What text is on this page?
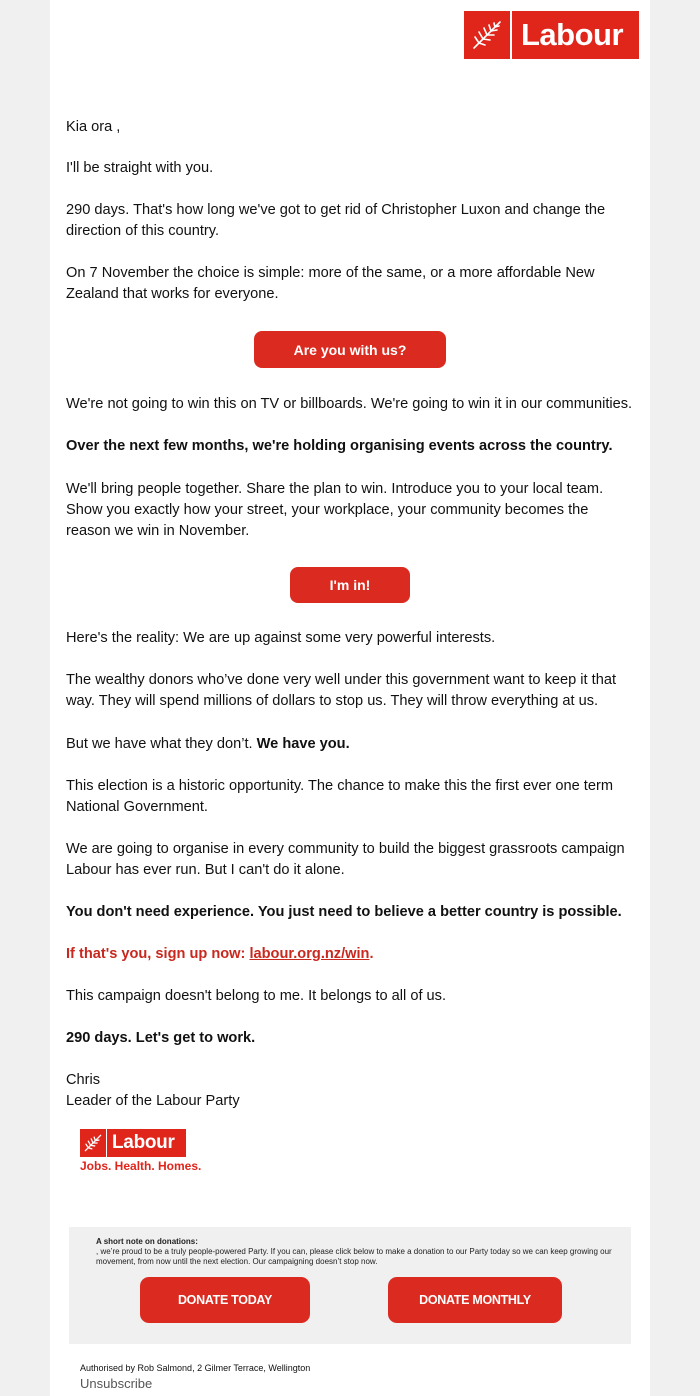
Labour

Kia ora ,

I'll be straight with you.

290 days. That's how long we've got to get rid of Christopher Luxon and change the direction of this country.

On 7 November the choice is simple: more of the same, or a more affordable New Zealand that works for everyone.

Are you with us?

We're not going to win this on TV or billboards. We're going to win it in our communities.

Over the next few months, we're holding organising events across the country.

We'll bring people together. Share the plan to win. Introduce you to your local team. Show you exactly how your street, your workplace, your community becomes the reason we win in November.

I'm in!

Here's the reality: We are up against some very powerful interests.

The wealthy donors who’ve done very well under this government want to keep it that way. They will spend millions of dollars to stop us. They will throw everything at us.

But we have what they don’t. We have you.

This election is a historic opportunity. The chance to make this the first ever one term National Government.

We are going to organise in every community to build the biggest grassroots campaign Labour has ever run. But I can't do it alone.

You don't need experience. You just need to believe a better country is possible.

If that's you, sign up now: labour.org.nz/win.

This campaign doesn't belong to me. It belongs to all of us.

290 days. Let's get to work.

Chris

Leader of the Labour Party

Labour
Jobs. Health. Homes.
A short note on donations:
, we’re proud to be a truly people-powered Party. If you can, please click below to make a donation to our Party today so we can keep growing our movement, from now until the next election. Our campaigning doesn’t stop now.
DONATE TODAY	DONATE MONTHLY
Authorised by Rob Salmond, 2 Gilmer Terrace, Wellington
Unsubscribe
